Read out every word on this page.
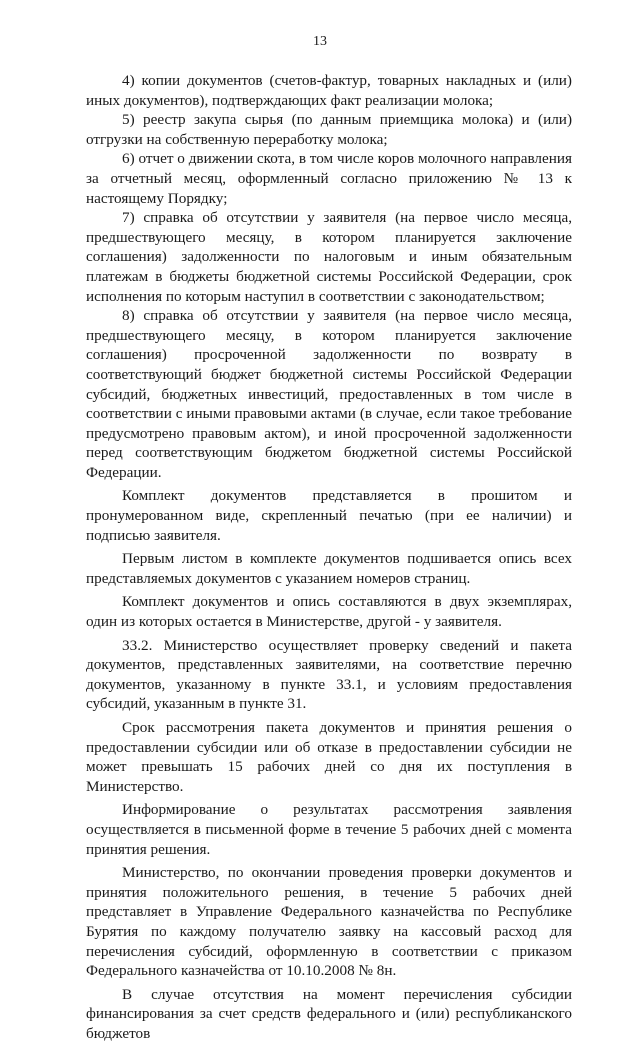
13

4) копии документов (счетов-фактур, товарных накладных и (или) иных документов), подтверждающих факт реализации молока;

5) реестр закупа сырья (по данным приемщика молока) и (или) отгрузки на собственную переработку молока;

6) отчет о движении скота, в том числе коров молочного направления за отчетный месяц, оформленный согласно приложению № 13 к настоящему Порядку;

7) справка об отсутствии у заявителя (на первое число месяца, предшествующего месяцу, в котором планируется заключение соглашения) задолженности по налоговым и иным обязательным платежам в бюджеты бюджетной системы Российской Федерации, срок исполнения по которым наступил в соответствии с законодательством;

8) справка об отсутствии у заявителя (на первое число месяца, предшествующего месяцу, в котором планируется заключение соглашения) просроченной задолженности по возврату в соответствующий бюджет бюджетной системы Российской Федерации субсидий, бюджетных инвестиций, предоставленных в том числе в соответствии с иными правовыми актами (в случае, если такое требование предусмотрено правовым актом), и иной просроченной задолженности перед соответствующим бюджетом бюджетной системы Российской Федерации.

Комплект документов представляется в прошитом и пронумерованном виде, скрепленный печатью (при ее наличии) и подписью заявителя.

Первым листом в комплекте документов подшивается опись всех представляемых документов с указанием номеров страниц.

Комплект документов и опись составляются в двух экземплярах, один из которых остается в Министерстве, другой - у заявителя.

33.2. Министерство осуществляет проверку сведений и пакета документов, представленных заявителями, на соответствие перечню документов, указанному в пункте 33.1, и условиям предоставления субсидий, указанным в пункте 31.

Срок рассмотрения пакета документов и принятия решения о предоставлении субсидии или об отказе в предоставлении субсидии не может превышать 15 рабочих дней со дня их поступления в Министерство.

Информирование о результатах рассмотрения заявления осуществляется в письменной форме в течение 5 рабочих дней с момента принятия решения.

Министерство, по окончании проведения проверки документов и принятия положительного решения, в течение 5 рабочих дней представляет в Управление Федерального казначейства по Республике Бурятия по каждому получателю заявку на кассовый расход для перечисления субсидий, оформленную в соответствии с приказом Федерального казначейства от 10.10.2008 № 8н.

В случае отсутствия на момент перечисления субсидии финансирования за счет средств федерального и (или) республиканского бюджетов
